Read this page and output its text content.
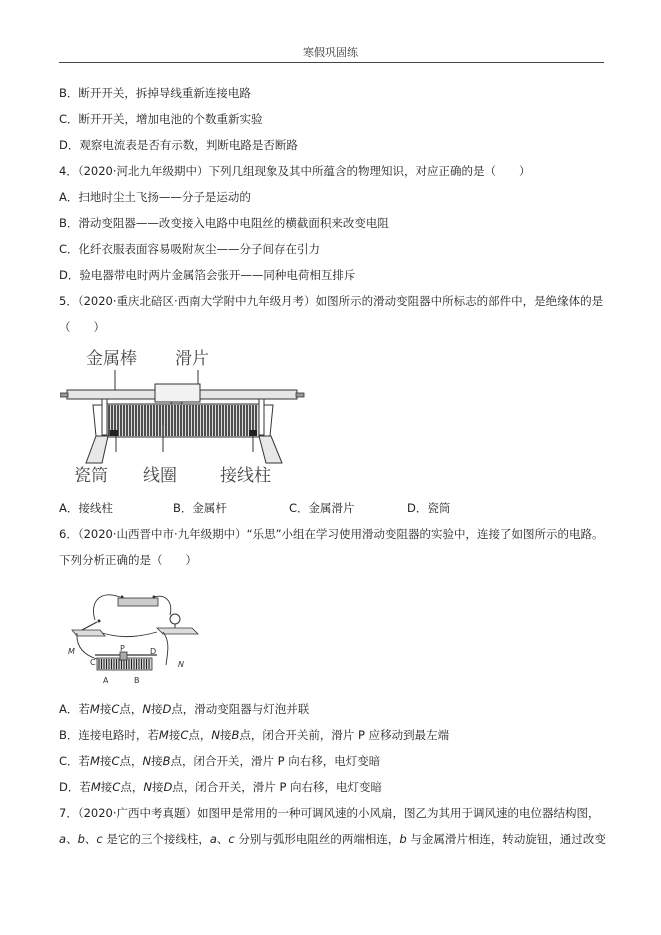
寒假巩固练
B．断开开关，拆掉导线重新连接电路
C．断开开关，增加电池的个数重新实验
D．观察电流表是否有示数，判断电路是否断路
4．（2020·河北九年级期中）下列几组现象及其中所蕴含的物理知识，对应正确的是（　　）
A．扫地时尘土飞扬——分子是运动的
B．滑动变阻器——改变接入电路中电阻丝的横截面积来改变电阻
C．化纤衣服表面容易吸附灰尘——分子间存在引力
D．验电器带电时两片金属箔会张开——同种电荷相互排斥
5．（2020·重庆北碚区·西南大学附中九年级月考）如图所示的滑动变阻器中所标志的部件中，是绝缘体的是
（　　）
金属棒 滑片
瓷筒 线圈	接线柱
A．接线柱	B．金属杆	C．金属滑片	D．瓷筒
6．（2020·山西晋中市·九年级期中）“乐思”小组在学习使用滑动变阻器的实验中，连接了如图所示的电路。
下列分析正确的是（　　）
M
N
C
P	D
A	B
A．若M接C点，N接D点，滑动变阻器与灯泡并联
B．连接电路时，若M接C点，N接B点，闭合开关前，滑片 P 应移动到最左端
C．若M接C点，N接B点，闭合开关，滑片 P 向右移，电灯变暗
D．若M接C点，N接D点，闭合开关，滑片 P 向右移，电灯变暗
7．（2020·广西中考真题）如图甲是常用的一种可调风速的小风扇，图乙为其用于调风速的电位器结构图，
a、b、c 是它的三个接线柱，a、c 分别与弧形电阻丝的两端相连，b 与金属滑片相连，转动旋钮，通过改变
